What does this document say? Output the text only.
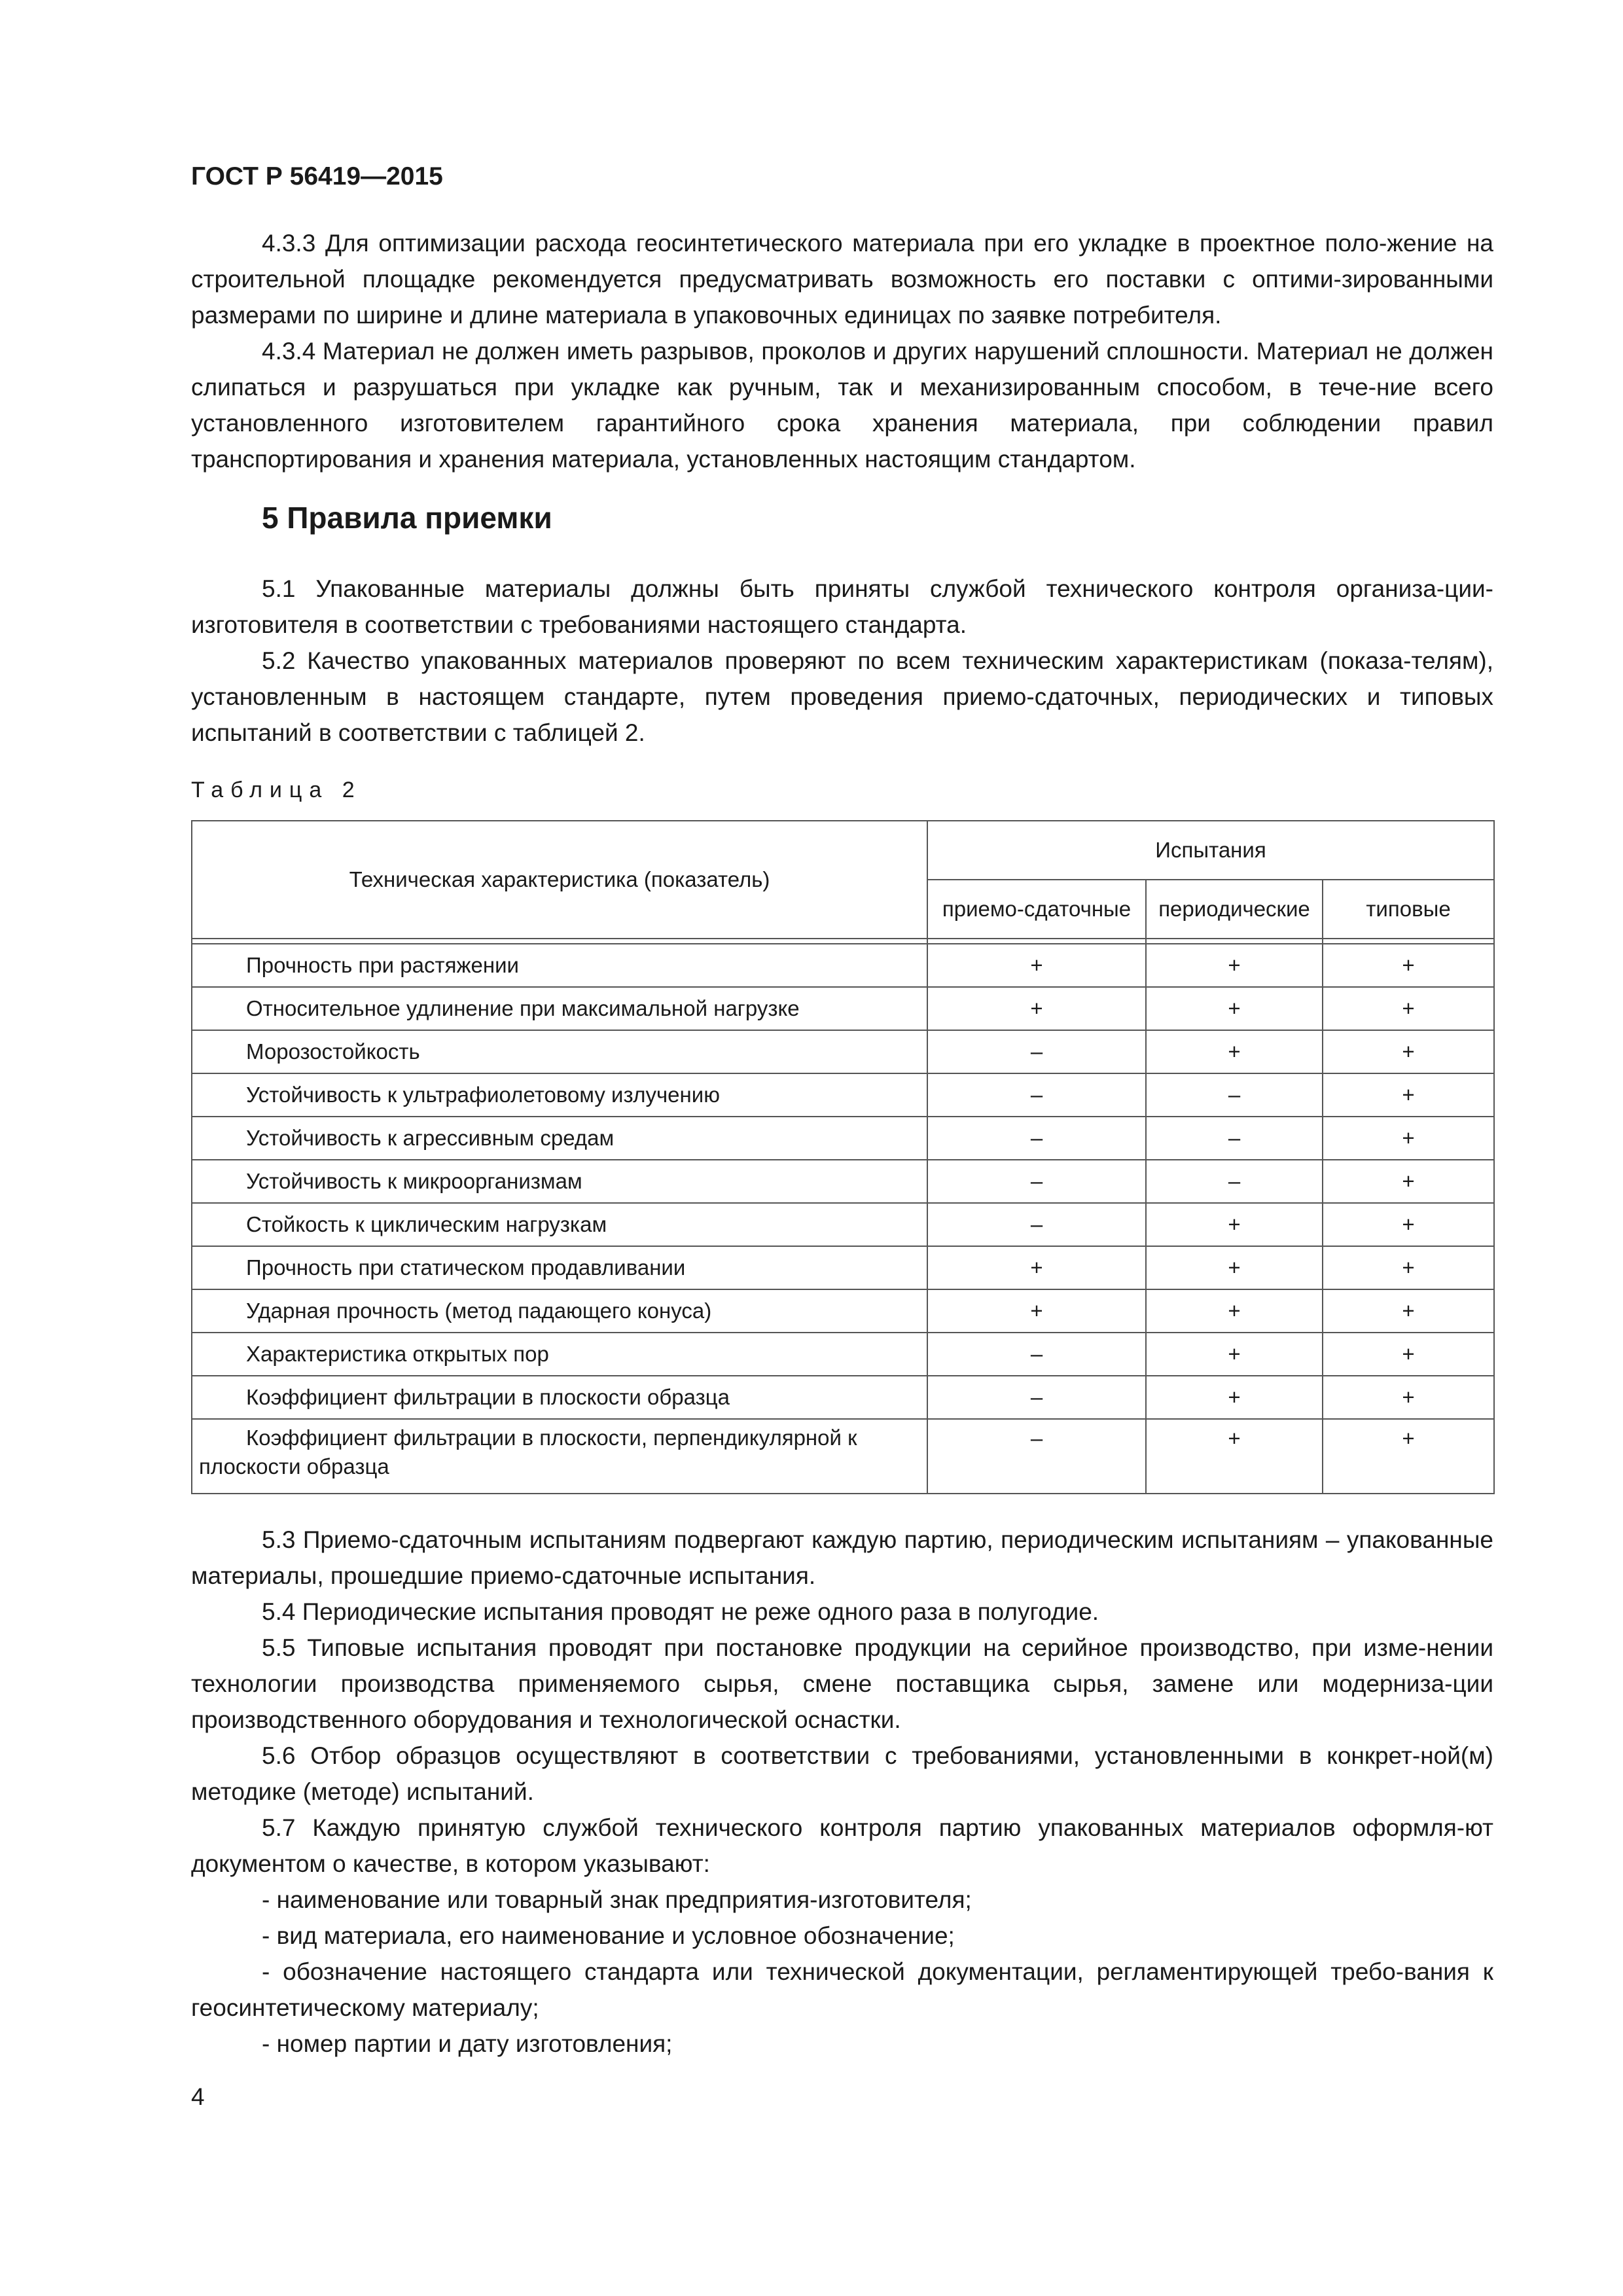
ГОСТ Р 56419—2015

4.3.3 Для оптимизации расхода геосинтетического материала при его укладке в проектное поло-жение на строительной площадке рекомендуется предусматривать возможность его поставки с оптими-зированными размерами по ширине и длине материала в упаковочных единицах по заявке потребителя.

4.3.4 Материал не должен иметь разрывов, проколов и других нарушений сплошности. Материал не должен слипаться и разрушаться при укладке как ручным, так и механизированным способом, в тече-ние всего установленного изготовителем гарантийного срока хранения материала, при соблюдении правил транспортирования и хранения материала, установленных настоящим стандартом.

5 Правила приемки

5.1 Упакованные материалы должны быть приняты службой технического контроля организа-ции-изготовителя в соответствии с требованиями настоящего стандарта.

5.2 Качество упакованных материалов проверяют по всем техническим характеристикам (показа-телям), установленным в настоящем стандарте, путем проведения приемо-сдаточных, периодических и типовых испытаний в соответствии с таблицей 2.

Таблица 2
Техническая характеристика (показатель)	Испытания		
	приемо-сдаточные	периодические	типовые

Прочность при растяжении	+	+	+
Относительное удлинение при максимальной нагрузке	+	+	+
Морозостойкость	–	+	+
Устойчивость к ультрафиолетовому излучению	–	–	+
Устойчивость к агрессивным средам	–	–	+
Устойчивость к микроорганизмам	–	–	+
Стойкость к циклическим нагрузкам	–	+	+
Прочность при статическом продавливании	+	+	+
Ударная прочность (метод падающего конуса)	+	+	+
Характеристика открытых пор	–	+	+
Коэффициент фильтрации в плоскости образца	–	+	+
Коэффициент фильтрации в плоскости, перпендикулярной к плоскости образца	–	+	+

5.3 Приемо-сдаточным испытаниям подвергают каждую партию, периодическим испытаниям – упакованные материалы, прошедшие приемо-сдаточные испытания.

5.4 Периодические испытания проводят не реже одного раза в полугодие.

5.5 Типовые испытания проводят при постановке продукции на серийное производство, при изме-нении технологии производства применяемого сырья, смене поставщика сырья, замене или модерниза-ции производственного оборудования и технологической оснастки.

5.6 Отбор образцов осуществляют в соответствии с требованиями, установленными в конкрет-ной(м) методике (методе) испытаний.

5.7 Каждую принятую службой технического контроля партию упакованных материалов оформля-ют документом о качестве, в котором указывают:

- наименование или товарный знак предприятия-изготовителя;

- вид материала, его наименование и условное обозначение;

- обозначение настоящего стандарта или технической документации, регламентирующей требо-вания к геосинтетическому материалу;

- номер партии и дату изготовления;

4
